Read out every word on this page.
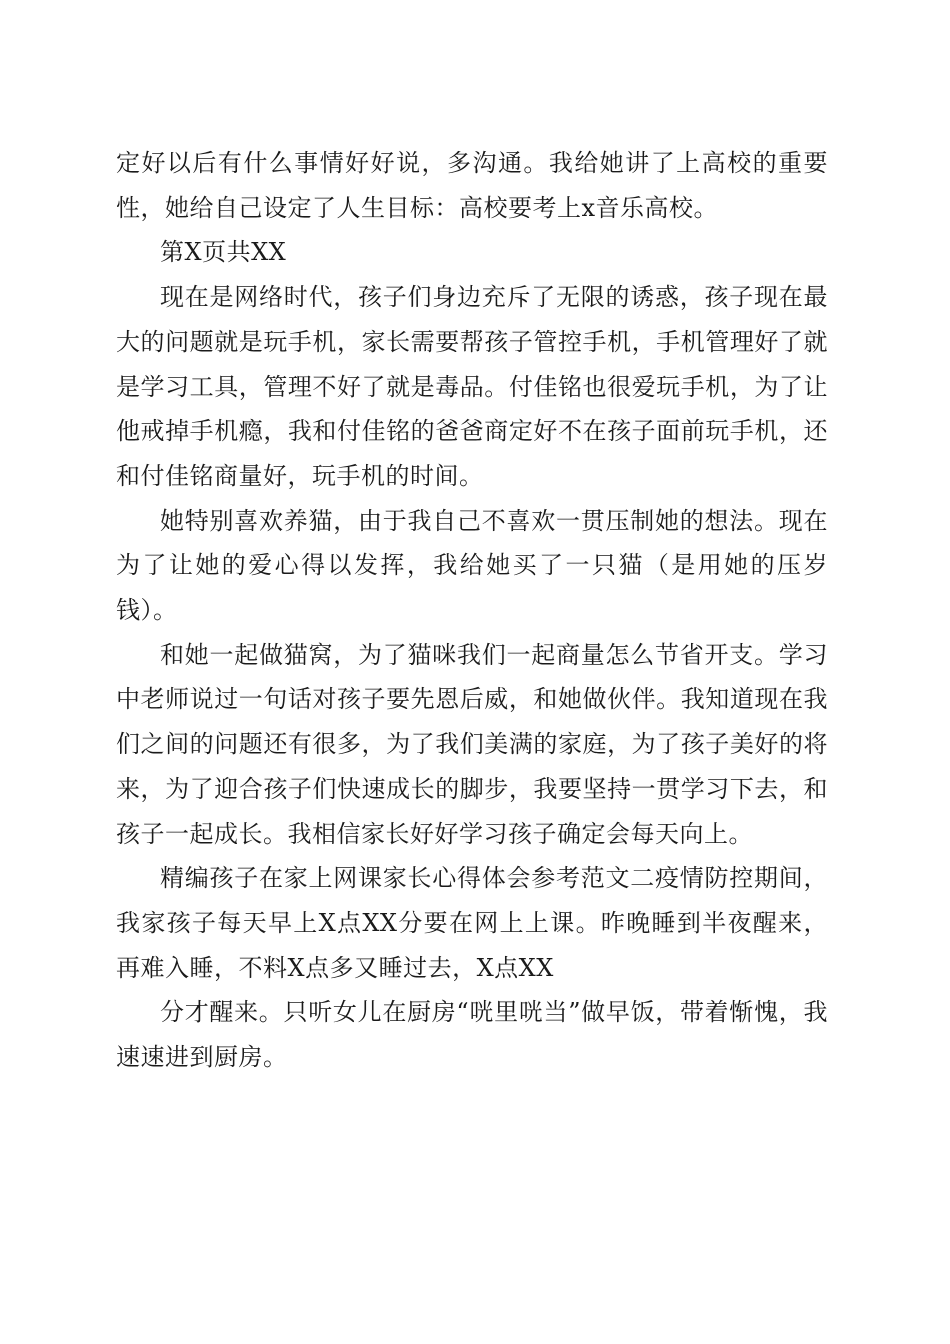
定好以后有什么事情好好说，多沟通。我给她讲了上高校的重要性，她给自己设定了人生目标：高校要考上x音乐高校。

第X页共XX

现在是网络时代，孩子们身边充斥了无限的诱惑，孩子现在最大的问题就是玩手机，家长需要帮孩子管控手机，手机管理好了就是学习工具，管理不好了就是毒品。付佳铭也很爱玩手机，为了让他戒掉手机瘾，我和付佳铭的爸爸商定好不在孩子面前玩手机，还和付佳铭商量好，玩手机的时间。

她特别喜欢养猫，由于我自己不喜欢一贯压制她的想法。现在为了让她的爱心得以发挥，我给她买了一只猫（是用她的压岁钱）。

和她一起做猫窝，为了猫咪我们一起商量怎么节省开支。学习中老师说过一句话对孩子要先恩后威，和她做伙伴。我知道现在我们之间的问题还有很多，为了我们美满的家庭，为了孩子美好的将来，为了迎合孩子们快速成长的脚步，我要坚持一贯学习下去，和孩子一起成长。我相信家长好好学习孩子确定会每天向上。

精编孩子在家上网课家长心得体会参考范文二疫情防控期间，我家孩子每天早上X点XX分要在网上上课。昨晚睡到半夜醒来，再难入睡，不料X点多又睡过去，X点XX

分才醒来。只听女儿在厨房“咣里咣当”做早饭，带着惭愧，我速速进到厨房。
